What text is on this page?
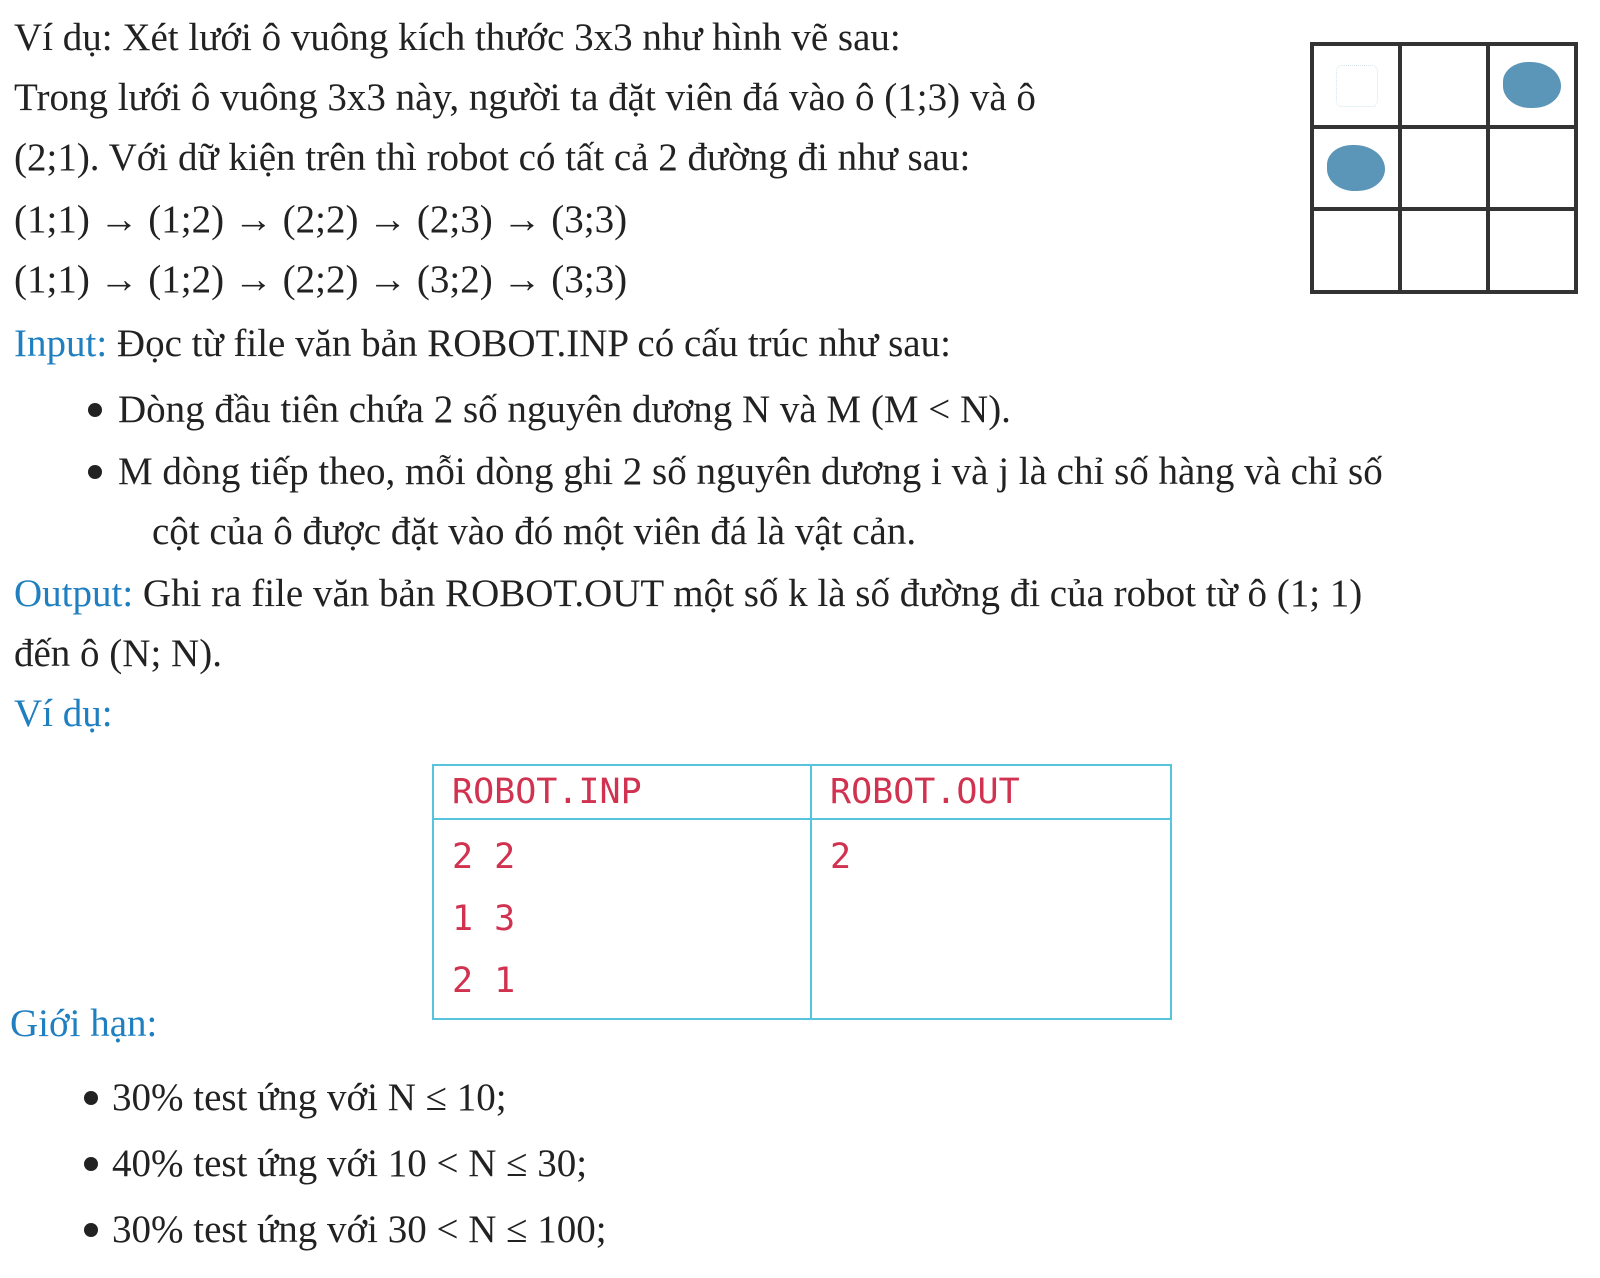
Ví dụ: Xét lưới ô vuông kích thước 3x3 như hình vẽ sau:
Trong lưới ô vuông 3x3 này, người ta đặt viên đá vào ô (1;3) và ô
(2;1). Với dữ kiện trên thì robot có tất cả 2 đường đi như sau:
(1;1) → (1;2) → (2;2) → (2;3) → (3;3)
(1;1) → (1;2) → (2;2) → (3;2) → (3;3)
Input: Đọc từ file văn bản ROBOT.INP có cấu trúc như sau:
Dòng đầu tiên chứa 2 số nguyên dương N và M (M < N).
M dòng tiếp theo, mỗi dòng ghi 2 số nguyên dương i và j là chỉ số hàng và chỉ số
cột của ô được đặt vào đó một viên đá là vật cản.
Output: Ghi ra file văn bản ROBOT.OUT một số k là số đường đi của robot từ ô (1; 1)
đến ô (N; N).
Ví dụ:
ROBOT.INP	ROBOT.OUT

2 2
1 3
2 1	2
Giới hạn:
30% test ứng với N ≤ 10;
40% test ứng với 10 < N ≤ 30;
30% test ứng với 30 < N ≤ 100;
